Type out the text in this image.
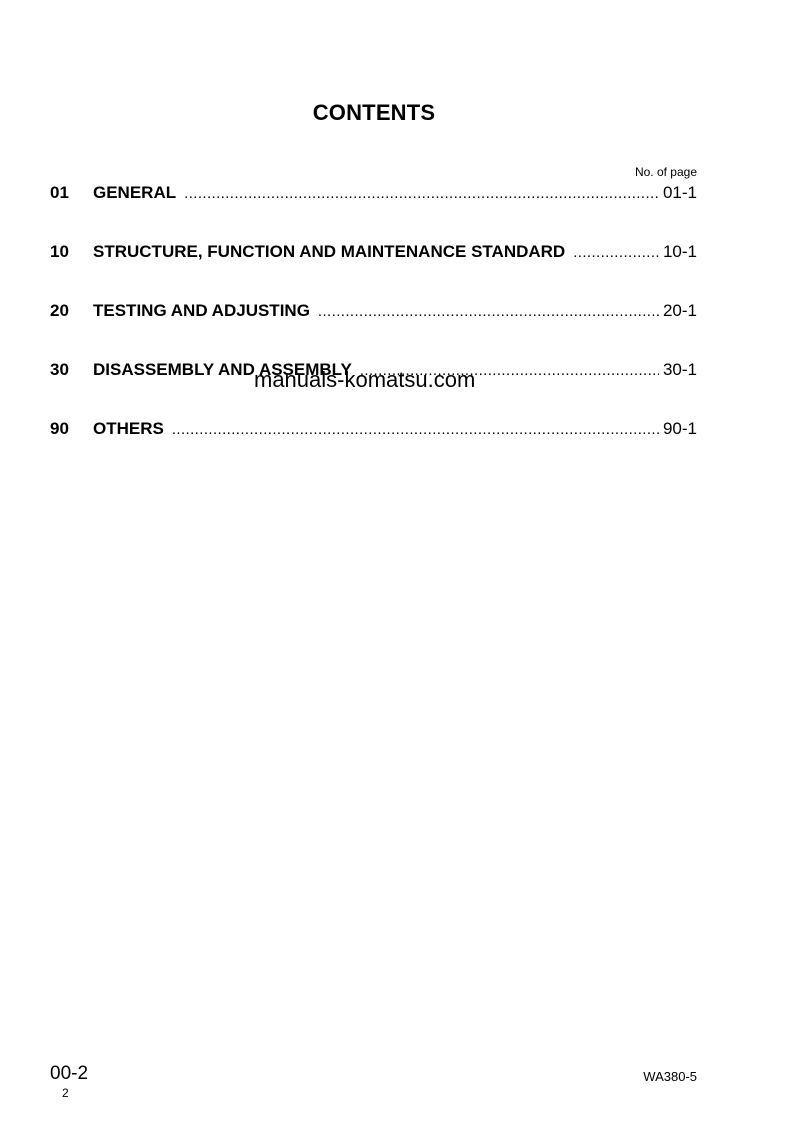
CONTENTS
No. of page
01	GENERAL .....	01-1
10	STRUCTURE, FUNCTION AND MAINTENANCE STANDARD .....	10-1
20	TESTING AND ADJUSTING .....	20-1
30	DISASSEMBLY AND ASSEMBLY .....	30-1
90	OTHERS .....	90-1
manuals-komatsu.com
00-2
2
WA380-5
